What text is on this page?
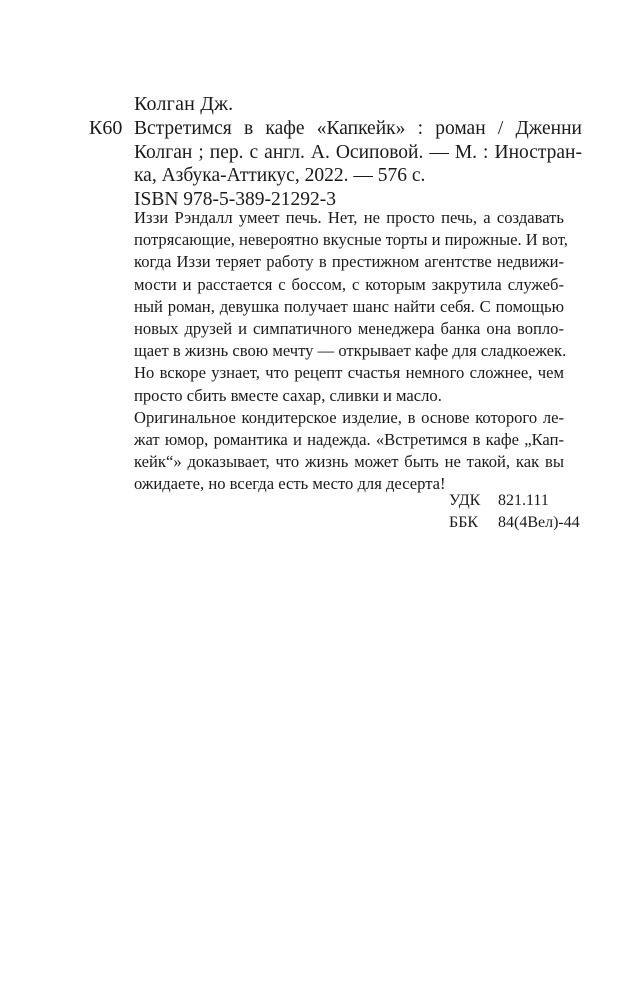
Колган Дж.
К60 Встретимся в кафе «Капкейк» : роман / Дженни
Колган ; пер. с англ. А. Осиповой. — М. : Иностран-
ка, Азбука-Аттикус, 2022. — 576 с.
ISBN 978-5-389-21292-3
Иззи Рэндалл умеет печь. Нет, не просто печь, а создавать
потрясающие, невероятно вкусные торты и пирожные. И вот,
когда Иззи теряет работу в престижном агентстве недвижи-
мости и расстается с боссом, с которым закрутила служеб-
ный роман, девушка получает шанс найти себя. С помощью
новых друзей и симпатичного менеджера банка она вопло-
щает в жизнь свою мечту — открывает кафе для сладкоежек.
Но вскоре узнает, что рецепт счастья немного сложнее, чем
просто сбить вместе сахар, сливки и масло.
Оригинальное кондитерское изделие, в основе которого ле-
жат юмор, романтика и надежда. «Встретимся в кафе „Кап-
кейк“» доказывает, что жизнь может быть не такой, как вы
ожидаете, но всегда есть место для десерта!
УДК 821.111
ББК 84(4Вел)-44
